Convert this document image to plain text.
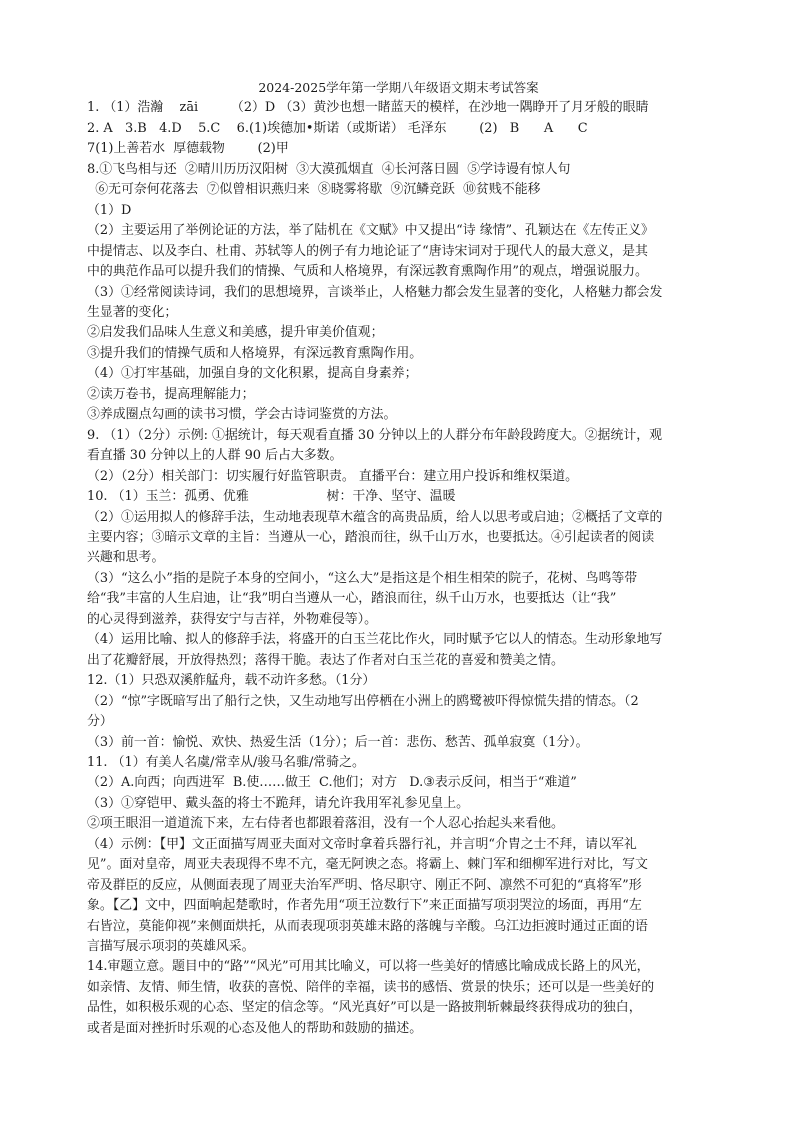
2024-2025学年第一学期八年级语文期末考试答案
1. （1）浩瀚    zāi        （2）D （3）黄沙也想一睹蓝天的模样，在沙地一隅睁开了月牙般的眼睛
2. A   3.B   4.D    5.C    6.(1)埃德加•斯诺（或斯诺） 毛泽东        (2)   B      A      C
7(1)上善若水  厚德载物        (2)甲
8.①飞鸟相与还  ②晴川历历汉阳树  ③大漠孤烟直  ④长河落日圆  ⑤学诗谩有惊人句
⑥无可奈何花落去  ⑦似曾相识燕归来  ⑧晓雾将歇  ⑨沉鳞竞跃  ⑩贫贱不能移
（1）D
（2）主要运用了举例论证的方法，举了陆机在《文赋》中又提出“诗 缘情”、孔颖达在《左传正义》
中提情志、以及李白、杜甫、苏轼等人的例子有力地论证了“唐诗宋词对于现代人的最大意义，是其
中的典范作品可以提升我们的情操、气质和人格境界，有深远教育熏陶作用”的观点，增强说服力。
（3）①经常阅读诗词，我们的思想境界，言谈举止，人格魅力都会发生显著的变化，人格魅力都会发
生显著的变化；
②启发我们品味人生意义和美感，提升审美价值观；
③提升我们的情操气质和人格境界，有深远教育熏陶作用。
（4）①打牢基础，加强自身的文化积累，提高自身素养；
②读万卷书，提高理解能力；
③养成圈点勾画的读书习惯，学会古诗词鉴赏的方法。
9. （1）（2分）示例: ①据统计，每天观看直播 30 分钟以上的人群分布年龄段跨度大。②据统计，观
看直播 30 分钟以上的人群 90 后占大多数。
（2）（2分）相关部门：切实履行好监管职责。 直播平台：建立用户投诉和维权渠道。
10. （1）玉兰：孤勇、优雅                   树：干净、坚守、温暖
（2）①运用拟人的修辞手法，生动地表现草木蕴含的高贵品质，给人以思考或启迪；②概括了文章的
主要内容；③暗示文章的主旨：当遵从一心，踏浪而往，纵千山万水，也要抵达。④引起读者的阅读
兴趣和思考。
（3）“这么小”指的是院子本身的空间小，“这么大”是指这是个相生相荣的院子，花树、鸟鸣等带
给“我”丰富的人生启迪，让“我”明白当遵从一心，踏浪而往，纵千山万水，也要抵达（让“我”
的心灵得到滋养，获得安宁与吉祥，外物难侵等）。
（4）运用比喻、拟人的修辞手法，将盛开的白玉兰花比作火，同时赋予它以人的情态。生动形象地写
出了花瓣舒展，开放得热烈；落得干脆。表达了作者对白玉兰花的喜爱和赞美之情。
12.（1）只恐双溪舴艋舟，载不动许多愁。（1分）
（2）“惊”字既暗写出了船行之快，又生动地写出停栖在小洲上的鸥鹭被吓得惊慌失措的情态。（2
分）
（3）前一首：愉悦、欢快、热爱生活（1分）；后一首：悲伤、愁苦、孤单寂寞（1分）。
11. （1）有美人名虞/常幸从/骏马名骓/常骑之。
（2）A.向西；向西进军  B.使……做王  C.他们；对方   D.③表示反问，相当于“难道”
（3）①穿铠甲、戴头盔的将士不跪拜，请允许我用军礼参见皇上。
②项王眼泪一道道流下来，左右侍者也都跟着落泪，没有一个人忍心抬起头来看他。
（4）示例：【甲】文正面描写周亚夫面对文帝时拿着兵器行礼，并言明“介胄之士不拜，请以军礼
见”。面对皇帝，周亚夫表现得不卑不亢，毫无阿谀之态。将霸上、棘门军和细柳军进行对比，写文
帝及群臣的反应，从侧面表现了周亚夫治军严明、恪尽职守、刚正不阿、凛然不可犯的“真将军”形
象。【乙】文中，四面响起楚歌时，作者先用“项王泣数行下”来正面描写项羽哭泣的场面，再用“左
右皆泣，莫能仰视”来侧面烘托，从而表现项羽英雄末路的落魄与辛酸。乌江边拒渡时通过正面的语
言描写展示项羽的英雄风采。
14.审题立意。题目中的“路”“风光”可用其比喻义，可以将一些美好的情感比喻成成长路上的风光，
如亲情、友情、师生情，收获的喜悦、陪伴的幸福，读书的感悟、赏景的快乐；还可以是一些美好的
品性，如积极乐观的心态、坚定的信念等。“风光真好”可以是一路披荆斩棘最终获得成功的独白，
或者是面对挫折时乐观的心态及他人的帮助和鼓励的描述。
